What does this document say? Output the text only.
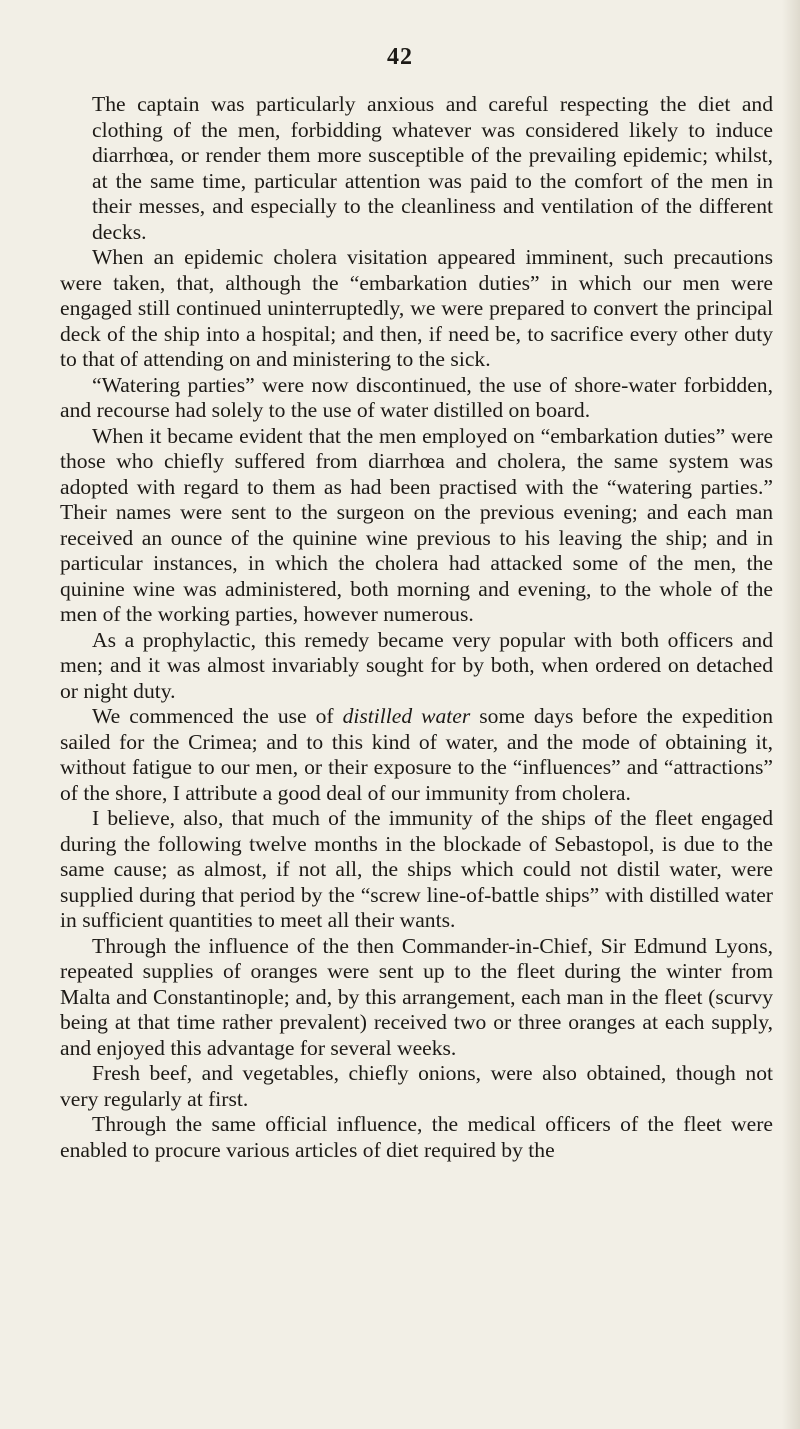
42

The captain was particularly anxious and careful respecting the diet and clothing of the men, forbidding whatever was considered likely to induce diarrhœa, or render them more susceptible of the prevailing epidemic; whilst, at the same time, particular attention was paid to the comfort of the men in their messes, and especially to the cleanliness and ventilation of the different decks.

When an epidemic cholera visitation appeared imminent, such precautions were taken, that, although the “embarkation duties” in which our men were engaged still continued uninterruptedly, we were prepared to convert the principal deck of the ship into a hospital; and then, if need be, to sacrifice every other duty to that of attending on and ministering to the sick.

“Watering parties” were now discontinued, the use of shore-water forbidden, and recourse had solely to the use of water distilled on board.

When it became evident that the men employed on “embarkation duties” were those who chiefly suffered from diarrhœa and cholera, the same system was adopted with regard to them as had been practised with the “watering parties.” Their names were sent to the surgeon on the previous evening; and each man received an ounce of the quinine wine previous to his leaving the ship; and in particular instances, in which the cholera had attacked some of the men, the quinine wine was administered, both morning and evening, to the whole of the men of the working parties, however numerous.

As a prophylactic, this remedy became very popular with both officers and men; and it was almost invariably sought for by both, when ordered on detached or night duty.

We commenced the use of distilled water some days before the expedition sailed for the Crimea; and to this kind of water, and the mode of obtaining it, without fatigue to our men, or their exposure to the “influences” and “attractions” of the shore, I attribute a good deal of our immunity from cholera.

I believe, also, that much of the immunity of the ships of the fleet engaged during the following twelve months in the blockade of Sebastopol, is due to the same cause; as almost, if not all, the ships which could not distil water, were supplied during that period by the “screw line-of-battle ships” with distilled water in sufficient quantities to meet all their wants.

Through the influence of the then Commander-in-Chief, Sir Edmund Lyons, repeated supplies of oranges were sent up to the fleet during the winter from Malta and Constantinople; and, by this arrangement, each man in the fleet (scurvy being at that time rather prevalent) received two or three oranges at each supply, and enjoyed this advantage for several weeks.

Fresh beef, and vegetables, chiefly onions, were also obtained, though not very regularly at first.

Through the same official influence, the medical officers of the fleet were enabled to procure various articles of diet required by the
